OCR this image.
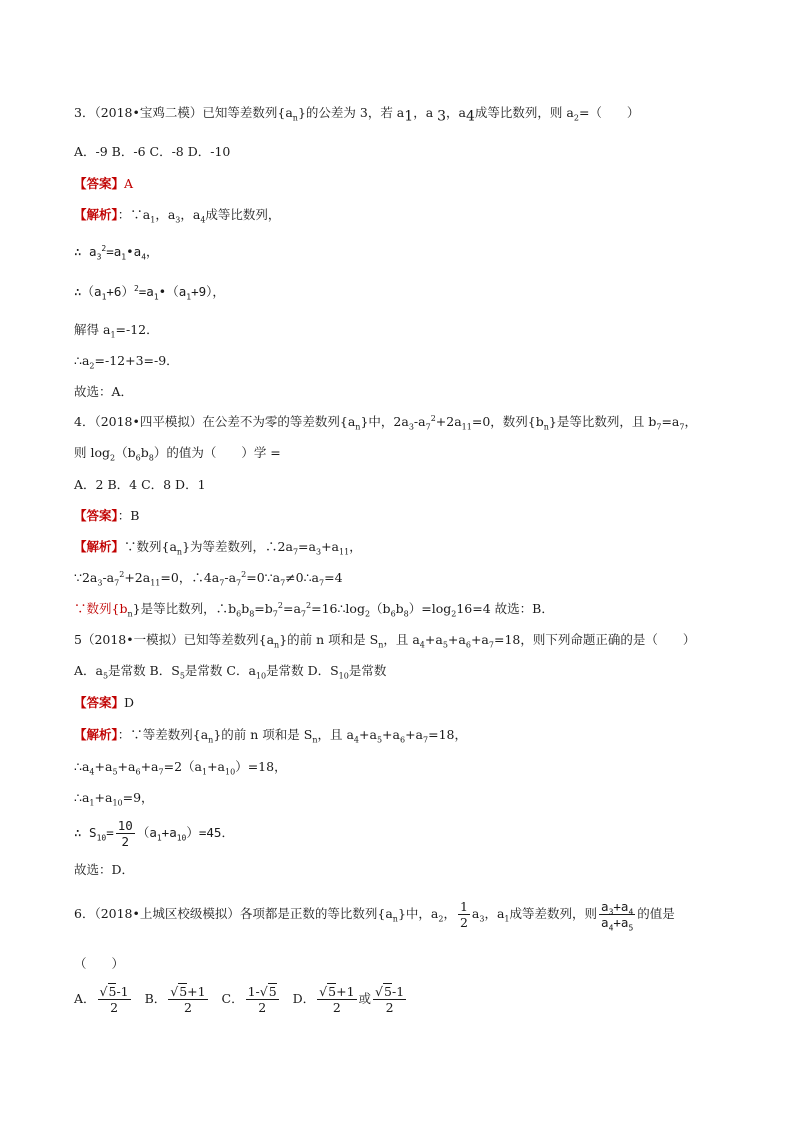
3．（2018•宝鸡二模）已知等差数列$\{a_n\}$的公差为 3，若 $a_1$，a $_3$，$a_4$成等比数列，则 $a_2=$（　　）
A．-9 B．-6 C．-8 D．-10
【答案】A
【解析】：$\because a_1$，$a_3$，$a_4$成等比数列，
∴ $a_3^2=a_1•a_4$，
$\therefore(a_1+6)^2=a_1•(a_1+9)$，
解得 $a_1=-12$．
$\therefore a_2=-12+3=-9$．
故选：A．
4．（2018•四平模拟）在公差不为零的等差数列$\{a_n\}$中，$2a_3-a_7^2+2a_{11}=0$，数列$\{b_n\}$是等比数列，且 $b_7=a_7$，
则 $\log_2(b_6b_8)$的值为（　　）学 =
A．2 B．4 C．8 D．1
【答案】：B
【解析】∵数列$\{a_n\}$为等差数列，$\therefore 2a_7=a_3+a_{11}$，
$\because 2a_3-a_7^2+2a_{11}=0$，$\therefore 4a_7-a_7^2=0\because a_7\ne 0\therefore a_7=4$
∵数列$\{b_n\}$是等比数列，$\therefore b_6b_8=b_7^2=a_7^2=16\therefore\log_2(b_6b_8)=\log_216=4$ 故选：B．
5（2018•一模拟）已知等差数列$\{a_n\}$的前 n 项和是 $S_n$，且 $a_4+a_5+a_6+a_7=18$，则下列命题正确的是（　　）
A．$a_5$是常数 B．$S_5$是常数 C．$a_{10}$是常数 D．$S_{10}$是常数
【答案】D
【解析】：∵等差数列$\{a_n\}$的前 n 项和是 $S_n$，且 $a_4+a_5+a_6+a_7=18$，
$\therefore a_4+a_5+a_6+a_7=2(a_1+a_{10})=18$，
$\therefore a_1+a_{10}=9$，
∴ $S_{10}= \frac{10}{2} (a_1+a_{10})=45$．
故选：D．
6．（2018•上城区校级模拟）各项都是正数的等比数列$\{a_n\}$中，$a_2$， $\frac{1}{2} a_3$，$a_1$成等差数列，则 $\frac{a_3+a_4}{a_4+a_5}$ 的值是
（　　）
A． $\frac{√5-1}{2}$ B． $\frac{√5+1}{2}$ C． $\frac{1-√5}{2}$ D． $\frac{√5+1}{2}$ 或 $\frac{√5-1}{2}$
